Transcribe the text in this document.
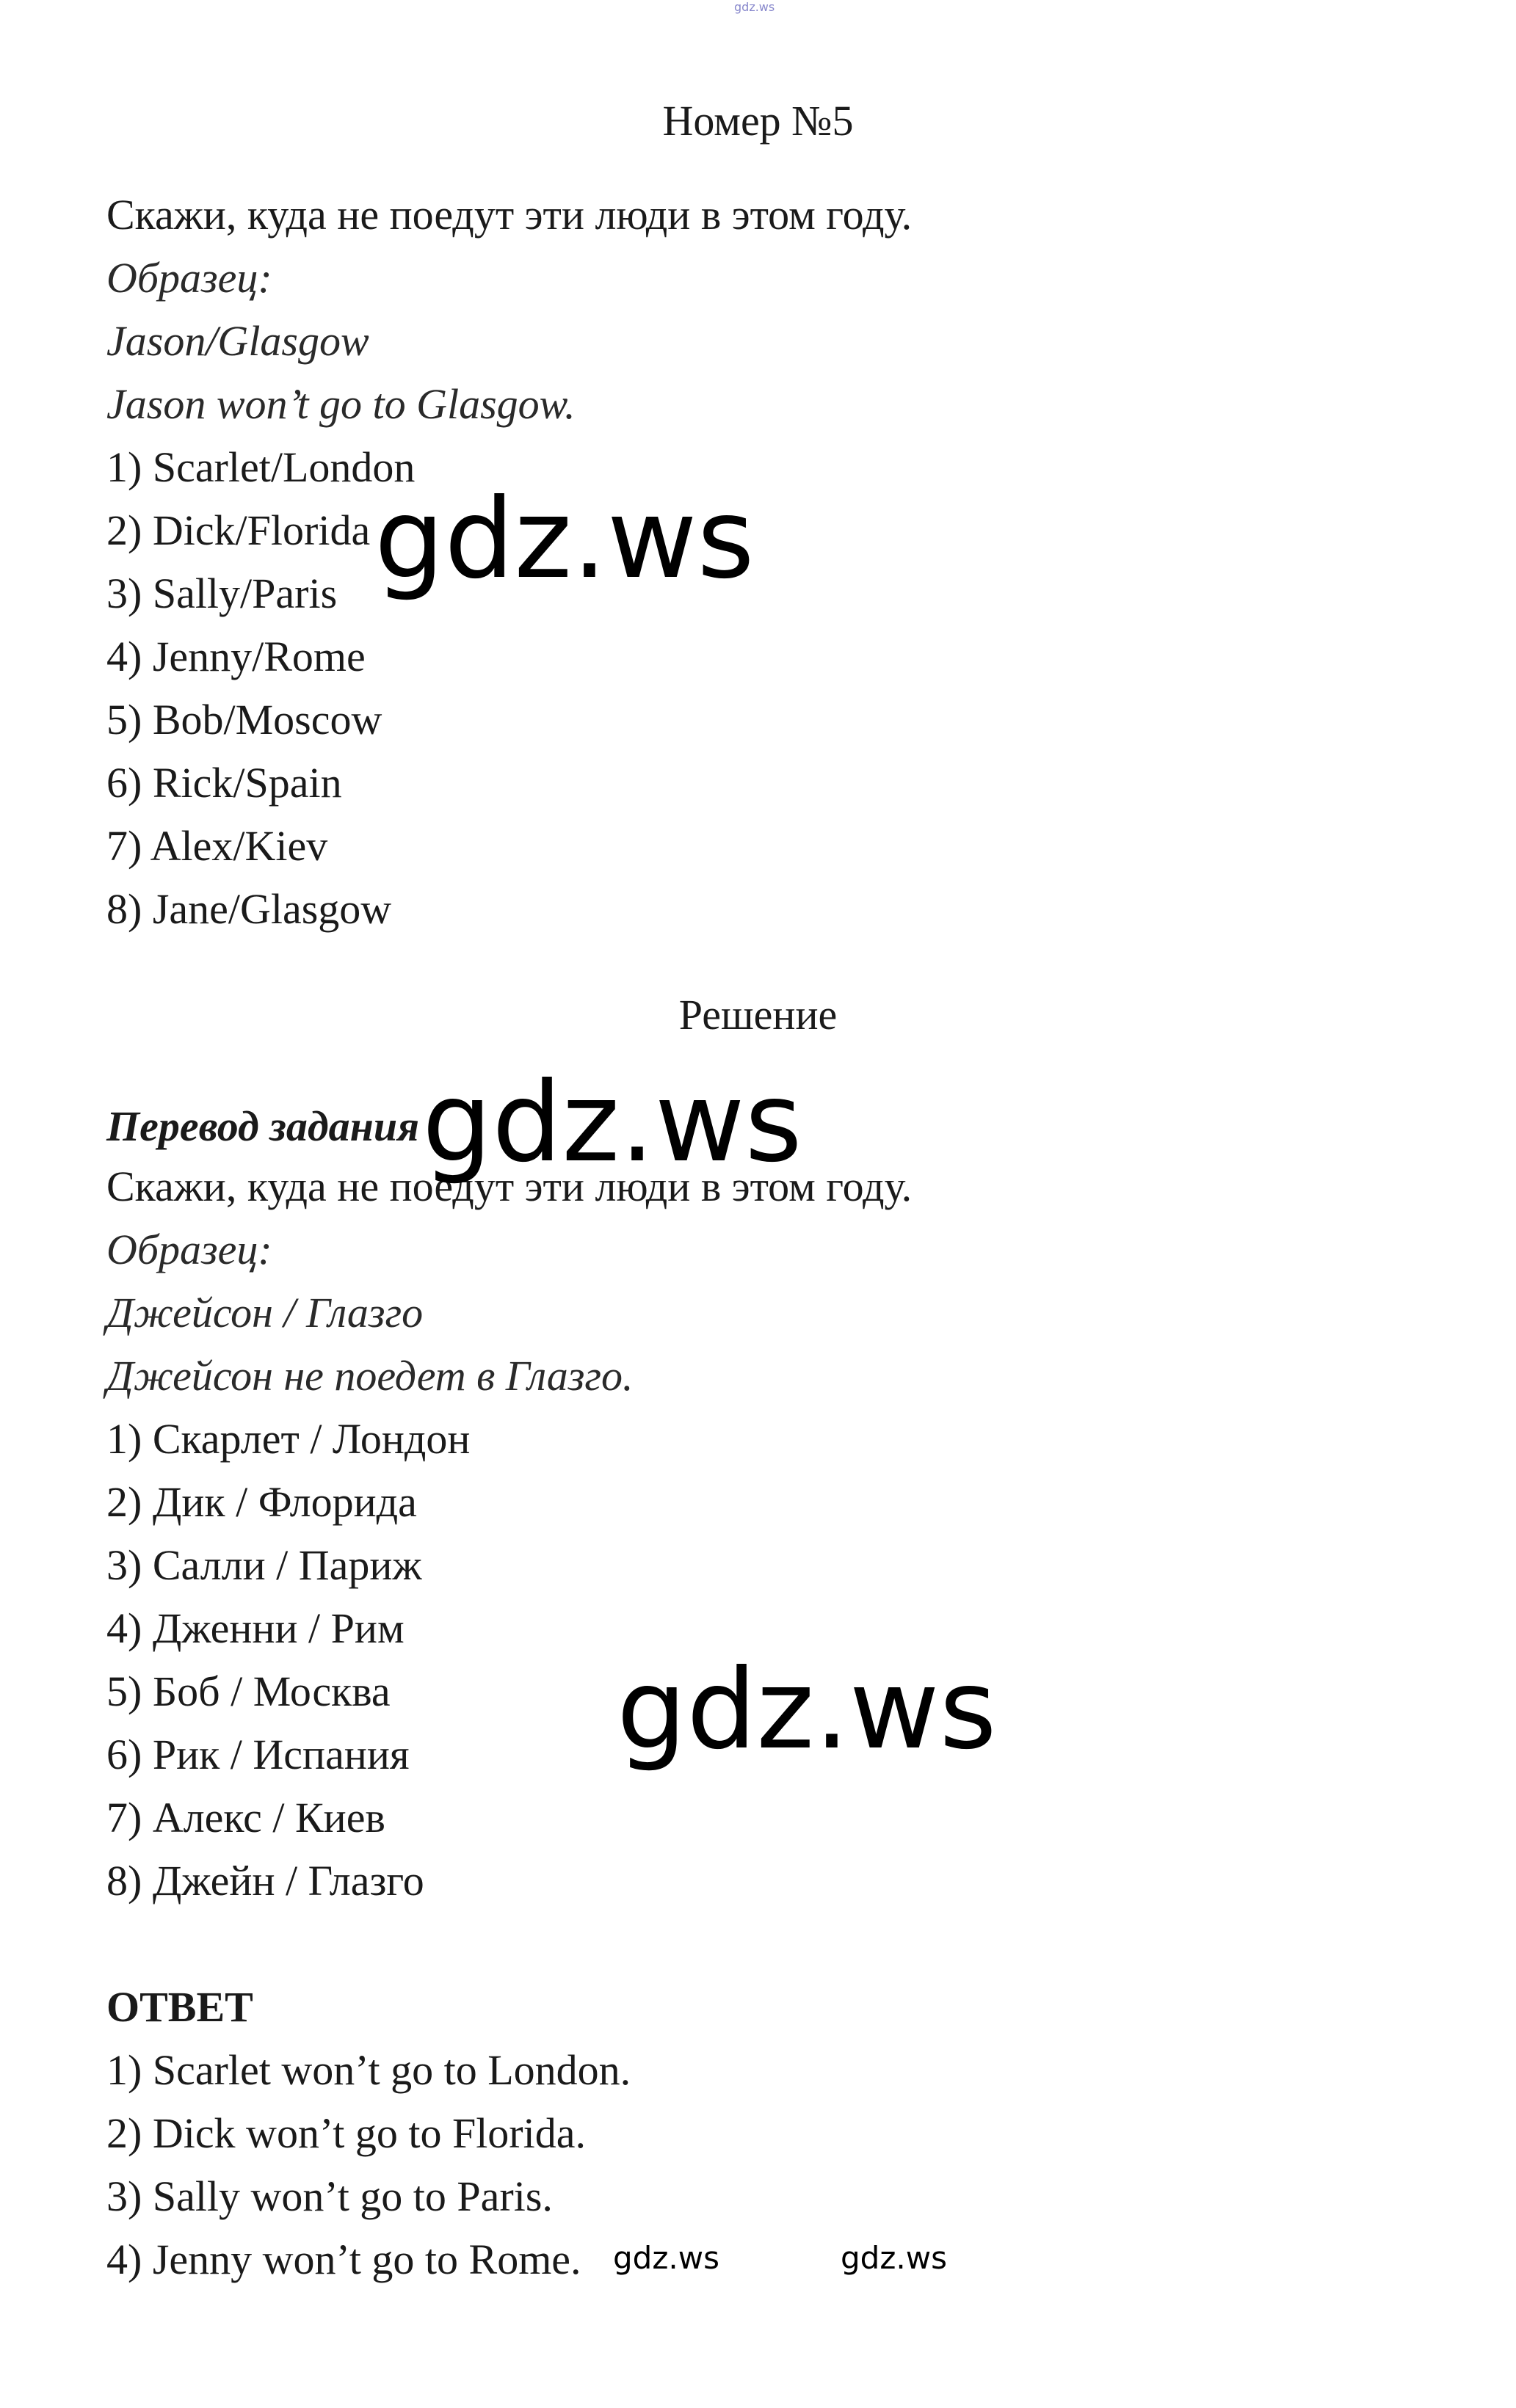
gdz.ws
Номер №5
Скажи, куда не поедут эти люди в этом году.
Образец:
Jason/Glasgow
Jason won’t go to Glasgow.
1) Scarlet/London
2) Dick/Florida
3) Sally/Paris
4) Jenny/Rome
5) Bob/Moscow
6) Rick/Spain
7) Alex/Kiev
8) Jane/Glasgow
Решение
Перевод задания
Скажи, куда не поедут эти люди в этом году.
Образец:
Джейсон / Глазго
Джейсон не поедет в Глазго.
1) Скарлет / Лондон
2) Дик / Флорида
3) Салли / Париж
4) Дженни / Рим
5) Боб / Москва
6) Рик / Испания
7) Алекс / Киев
8) Джейн / Глазго
ОТВЕТ
1) Scarlet won’t go to London.
2) Dick won’t go to Florida.
3) Sally won’t go to Paris.
4) Jenny won’t go to Rome.
gdz.ws
gdz.ws
gdz.ws
gdz.ws	gdz.ws
